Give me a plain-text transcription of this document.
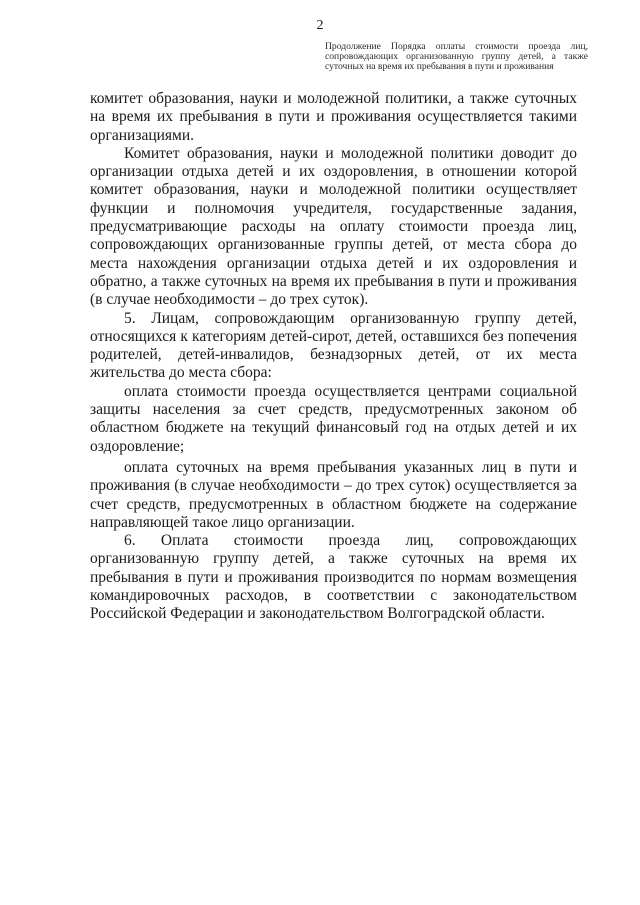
2
Продолжение Порядка оплаты стоимости проезда лиц, сопровождающих организованную группу детей, а также суточных на время их пребывания в пути и проживания

комитет образования, науки и молодежной политики, а также суточных на время их пребывания в пути и проживания осуществляется такими организациями.

Комитет образования, науки и молодежной политики доводит до организации отдыха детей и их оздоровления, в отношении которой комитет образования, науки и молодежной политики осуществляет функции и полномочия учредителя, государственные задания, предусматривающие расходы на оплату стоимости проезда лиц, сопровождающих организованные группы детей, от места сбора до места нахождения организации отдыха детей и их оздоровления и обратно, а также суточных на время их пребывания в пути и проживания (в случае необходимости – до трех суток).

5. Лицам, сопровождающим организованную группу детей, относящихся к категориям детей-сирот, детей, оставшихся без попечения родителей, детей-инвалидов, безнадзорных детей, от их места жительства до места сбора:

оплата стоимости проезда осуществляется центрами социальной защиты населения за счет средств, предусмотренных законом об областном бюджете на текущий финансовый год на отдых детей и их оздоровление;

оплата суточных на время пребывания указанных лиц в пути и проживания (в случае необходимости – до трех суток) осуществляется за счет средств, предусмотренных в областном бюджете на содержание направляющей такое лицо организации.

6. Оплата стоимости проезда лиц, сопровождающих организованную группу детей, а также суточных на время их пребывания в пути и проживания производится по нормам возмещения командировочных расходов, в соответствии с законодательством Российской Федерации и законодательством Волгоградской области.
